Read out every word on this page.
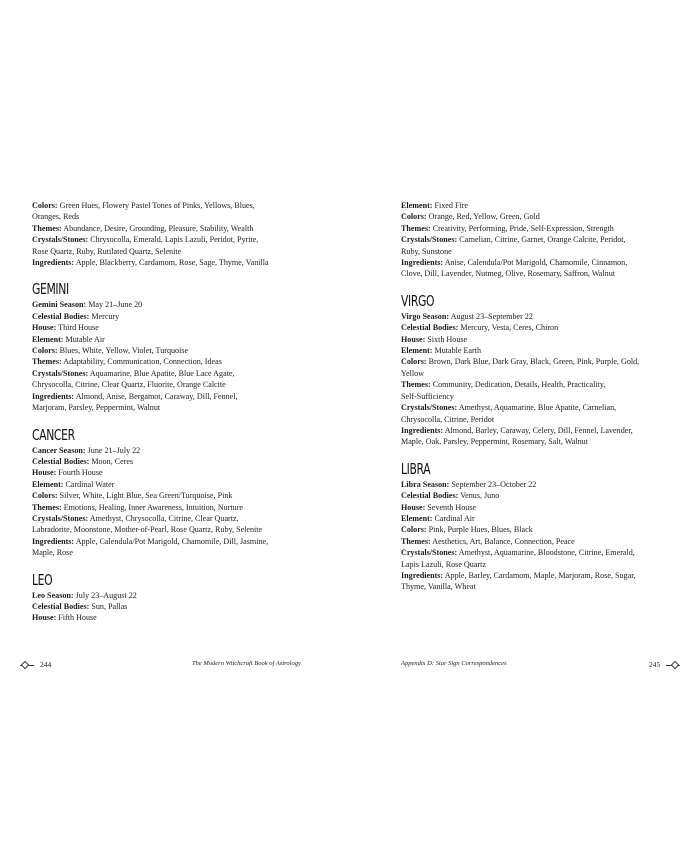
Colors: Green Hues, Flowery Pastel Tones of Pinks, Yellows, Blues,

Oranges, Reds

Themes: Abundance, Desire, Grounding, Pleasure, Stability, Wealth

Crystals/Stones: Chrysocolla, Emerald, Lapis Lazuli, Peridot, Pyrite,

Rose Quartz, Ruby, Rutilated Quartz, Selenite

Ingredients: Apple, Blackberry, Cardamom, Rose, Sage, Thyme, Vanilla

GEMINI

Gemini Season: May 21–June 20

Celestial Bodies: Mercury

House: Third House

Element: Mutable Air

Colors: Blues, White, Yellow, Violet, Turquoise

Themes: Adaptability, Communication, Connection, Ideas

Crystals/Stones: Aquamarine, Blue Apatite, Blue Lace Agate,

Chrysocolla, Citrine, Clear Quartz, Fluorite, Orange Calcite

Ingredients: Almond, Anise, Bergamot, Caraway, Dill, Fennel,

Marjoram, Parsley, Peppermint, Walnut

CANCER

Cancer Season: June 21–July 22

Celestial Bodies: Moon, Ceres

House: Fourth House

Element: Cardinal Water

Colors: Silver, White, Light Blue, Sea Green/Turquoise, Pink

Themes: Emotions, Healing, Inner Awareness, Intuition, Nurture

Crystals/Stones: Amethyst, Chrysocolla, Citrine, Clear Quartz,

Labradorite, Moonstone, Mother-of-Pearl, Rose Quartz, Ruby, Selenite

Ingredients: Apple, Calendula/Pot Marigold, Chamomile, Dill, Jasmine,

Maple, Rose

LEO

Leo Season: July 23–August 22

Celestial Bodies: Sun, Pallas

House: Fifth House

244	The Modern Witchcraft Book of Astrology

Element: Fixed Fire

Colors: Orange, Red, Yellow, Green, Gold

Themes: Creativity, Performing, Pride, Self-Expression, Strength

Crystals/Stones: Carnelian, Citrine, Garnet, Orange Calcite, Peridot,

Ruby, Sunstone

Ingredients: Anise, Calendula/Pot Marigold, Chamomile, Cinnamon,

Clove, Dill, Lavender, Nutmeg, Olive, Rosemary, Saffron, Walnut

VIRGO

Virgo Season: August 23–September 22

Celestial Bodies: Mercury, Vesta, Ceres, Chiron

House: Sixth House

Element: Mutable Earth

Colors: Brown, Dark Blue, Dark Gray, Black, Green, Pink, Purple, Gold,

Yellow

Themes: Community, Dedication, Details, Health, Practicality,

Self-Sufficiency

Crystals/Stones: Amethyst, Aquamarine, Blue Apatite, Carnelian,

Chrysocolla, Citrine, Peridot

Ingredients: Almond, Barley, Caraway, Celery, Dill, Fennel, Lavender,

Maple, Oak, Parsley, Peppermint, Rosemary, Salt, Walnut

LIBRA

Libra Season: September 23–October 22

Celestial Bodies: Venus, Juno

House: Seventh House

Element: Cardinal Air

Colors: Pink, Purple Hues, Blues, Black

Themes: Aesthetics, Art, Balance, Connection, Peace

Crystals/Stones: Amethyst, Aquamarine, Bloodstone, Citrine, Emerald,

Lapis Lazuli, Rose Quartz

Ingredients: Apple, Barley, Cardamom, Maple, Marjoram, Rose, Sugar,

Thyme, Vanilla, Wheat

Appendix D: Star Sign Correspondences	245
